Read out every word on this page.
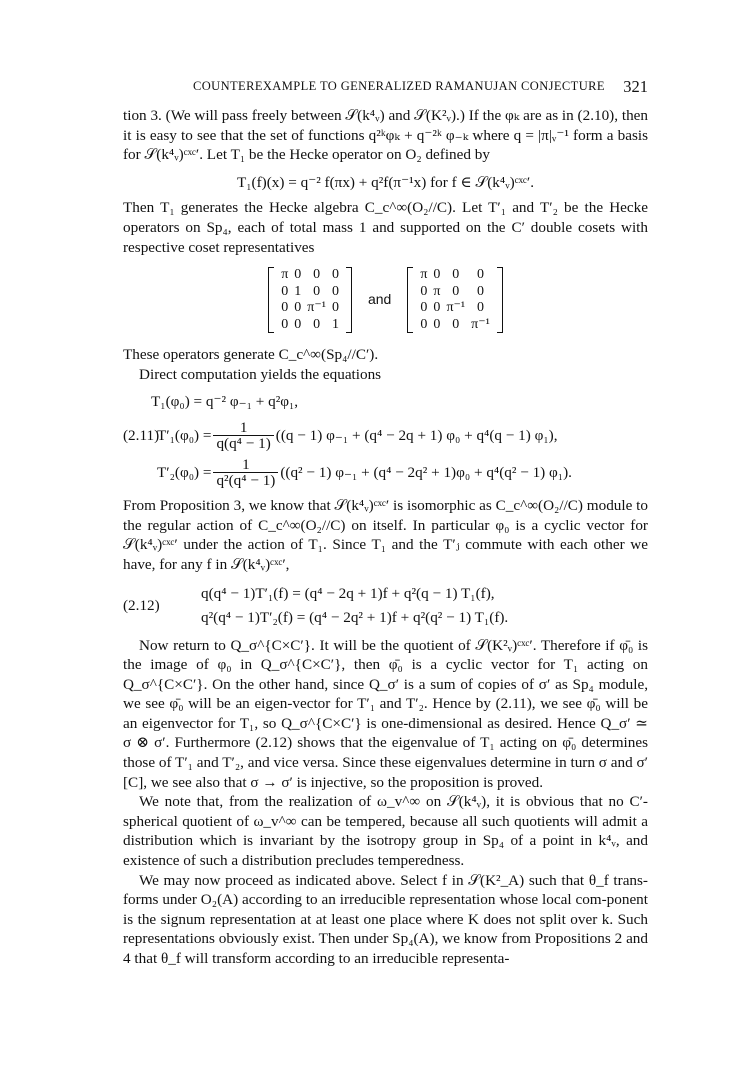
COUNTEREXAMPLE TO GENERALIZED RAMANUJAN CONJECTURE 321

tion 3. (We will pass freely between 𝒮(k⁴ᵥ) and 𝒮(K²ᵥ).) If the φₖ are as in (2.10), then it is easy to see that the set of functions q²ᵏφₖ + q⁻²ᵏ φ₋ₖ where q = |π|ᵥ⁻¹ form a basis for 𝒮(k⁴ᵥ)ᶜˣᶜ′. Let T₁ be the Hecke operator on O₂ defined by

T₁(f)(x) = q⁻² f(πx) + q²f(π⁻¹x) for f ∈ 𝒮(k⁴ᵥ)ᶜˣᶜ′.

Then T₁ generates the Hecke algebra C_c^∞(O₂//C). Let T′₁ and T′₂ be the Hecke operators on Sp₄, each of total mass 1 and supported on the C′ double cosets with respective coset representatives

π	0	0	0
0	1	0	0
0	0	π⁻¹	0
0	0	0	1
and
π	0	0	0
0	π	0	0
0	0	π⁻¹	0
0	0	0	π⁻¹

These operators generate C_c^∞(Sp₄//C′).

Direct computation yields the equations

T₁(φ₀) = q⁻² φ₋₁ + q²φ₁,
(2.11)
$T'_1(\varphi_0) = \frac{1}{\text{q(q⁴ − 1)}} ((q - 1) \varphi_{-1} + (q^4 - 2q + 1) \varphi_0 + q^4(q - 1)$ φ₁),
$T'_2(\varphi_0) = \frac{1}{\text{q²(q⁴ − 1)}} ((q^2 - 1) \varphi_{-1} + (q^4 - 2q^2 + 1)\varphi_0 + q^4(q^2 - 1)$ φ₁).

From Proposition 3, we know that 𝒮(k⁴ᵥ)ᶜˣᶜ′ is isomorphic as C_c^∞(O₂//C) module to the regular action of C_c^∞(O₂//C) on itself. In particular φ₀ is a cyclic vector for 𝒮(k⁴ᵥ)ᶜˣᶜ′ under the action of T₁. Since T₁ and the T′ⱼ commute with each other we have, for any f in 𝒮(k⁴ᵥ)ᶜˣᶜ′,

(2.12)
q(q⁴ − 1)T′₁(f) = (q⁴ − 2q + 1)f + q²(q − 1) T₁(f),
q²(q⁴ − 1)T′₂(f) = (q⁴ − 2q² + 1)f + q²(q² − 1) T₁(f).

Now return to Q_σ^{C×C′}. It will be the quotient of 𝒮(K²ᵥ)ᶜˣᶜ′. Therefore if φ̄₀ is the image of φ₀ in Q_σ^{C×C′}, then φ̄₀ is a cyclic vector for T₁ acting on Q_σ^{C×C′}. On the other hand, since Q_σ′ is a sum of copies of σ′ as Sp₄ module, we see φ̄₀ will be an eigen-vector for T′₁ and T′₂. Hence by (2.11), we see φ̄₀ will be an eigenvector for T₁, so Q_σ^{C×C′} is one-dimensional as desired. Hence Q_σ′ ≃ σ ⊗ σ′. Furthermore (2.12) shows that the eigenvalue of T₁ acting on φ̄₀ determines those of T′₁ and T′₂, and vice versa. Since these eigenvalues determine in turn σ and σ′ [C], we see also that σ → σ′ is injective, so the proposition is proved.

We note that, from the realization of ω_v^∞ on 𝒮(k⁴ᵥ), it is obvious that no C′-spherical quotient of ω_v^∞ can be tempered, because all such quotients will admit a distribution which is invariant by the isotropy group in Sp₄ of a point in k⁴ᵥ, and existence of such a distribution precludes temperedness.

We may now proceed as indicated above. Select f in 𝒮(K²_A) such that θ_f trans-forms under O₂(A) according to an irreducible representation whose local com-ponent is the signum representation at at least one place where K does not split over k. Such representations obviously exist. Then under Sp₄(A), we know from Propositions 2 and 4 that θ_f will transform according to an irreducible representa-
